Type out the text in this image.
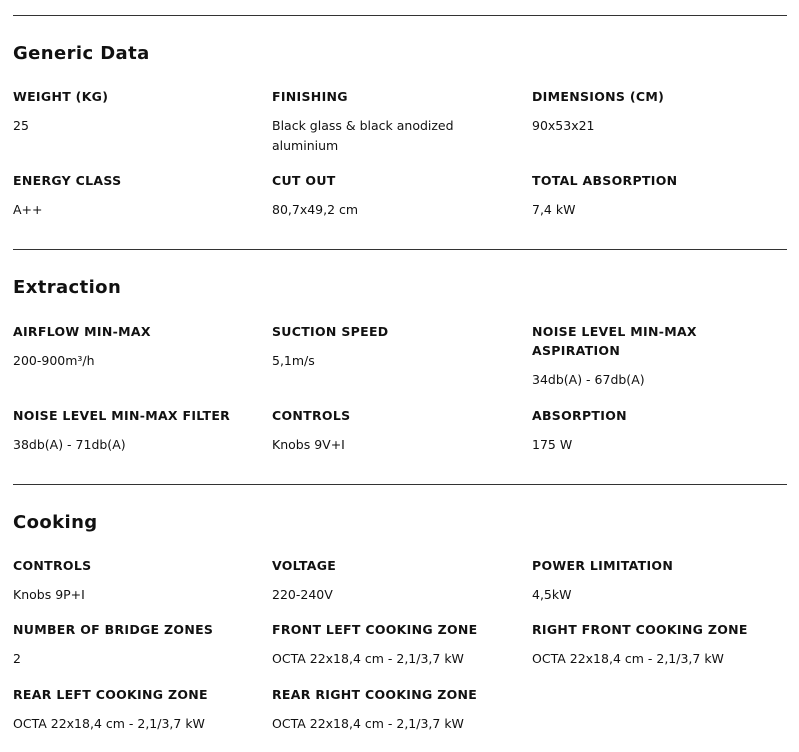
Generic Data
WEIGHT (KG)
25
FINISHING
Black glass & black anodized aluminium
DIMENSIONS (CM)
90x53x21
ENERGY CLASS
A++
CUT OUT
80,7x49,2 cm
TOTAL ABSORPTION
7,4 kW
Extraction
AIRFLOW MIN-MAX
200-900m³/h
SUCTION SPEED
5,1m/s
NOISE LEVEL MIN-MAX ASPIRATION
34db(A) - 67db(A)
NOISE LEVEL MIN-MAX FILTER
38db(A) - 71db(A)
CONTROLS
Knobs 9V+I
ABSORPTION
175 W
Cooking
CONTROLS
Knobs 9P+I
VOLTAGE
220-240V
POWER LIMITATION
4,5kW
NUMBER OF BRIDGE ZONES
2
FRONT LEFT COOKING ZONE
OCTA 22x18,4 cm - 2,1/3,7 kW
RIGHT FRONT COOKING ZONE
OCTA 22x18,4 cm - 2,1/3,7 kW
REAR LEFT COOKING ZONE
OCTA 22x18,4 cm - 2,1/3,7 kW
REAR RIGHT COOKING ZONE
OCTA 22x18,4 cm - 2,1/3,7 kW
